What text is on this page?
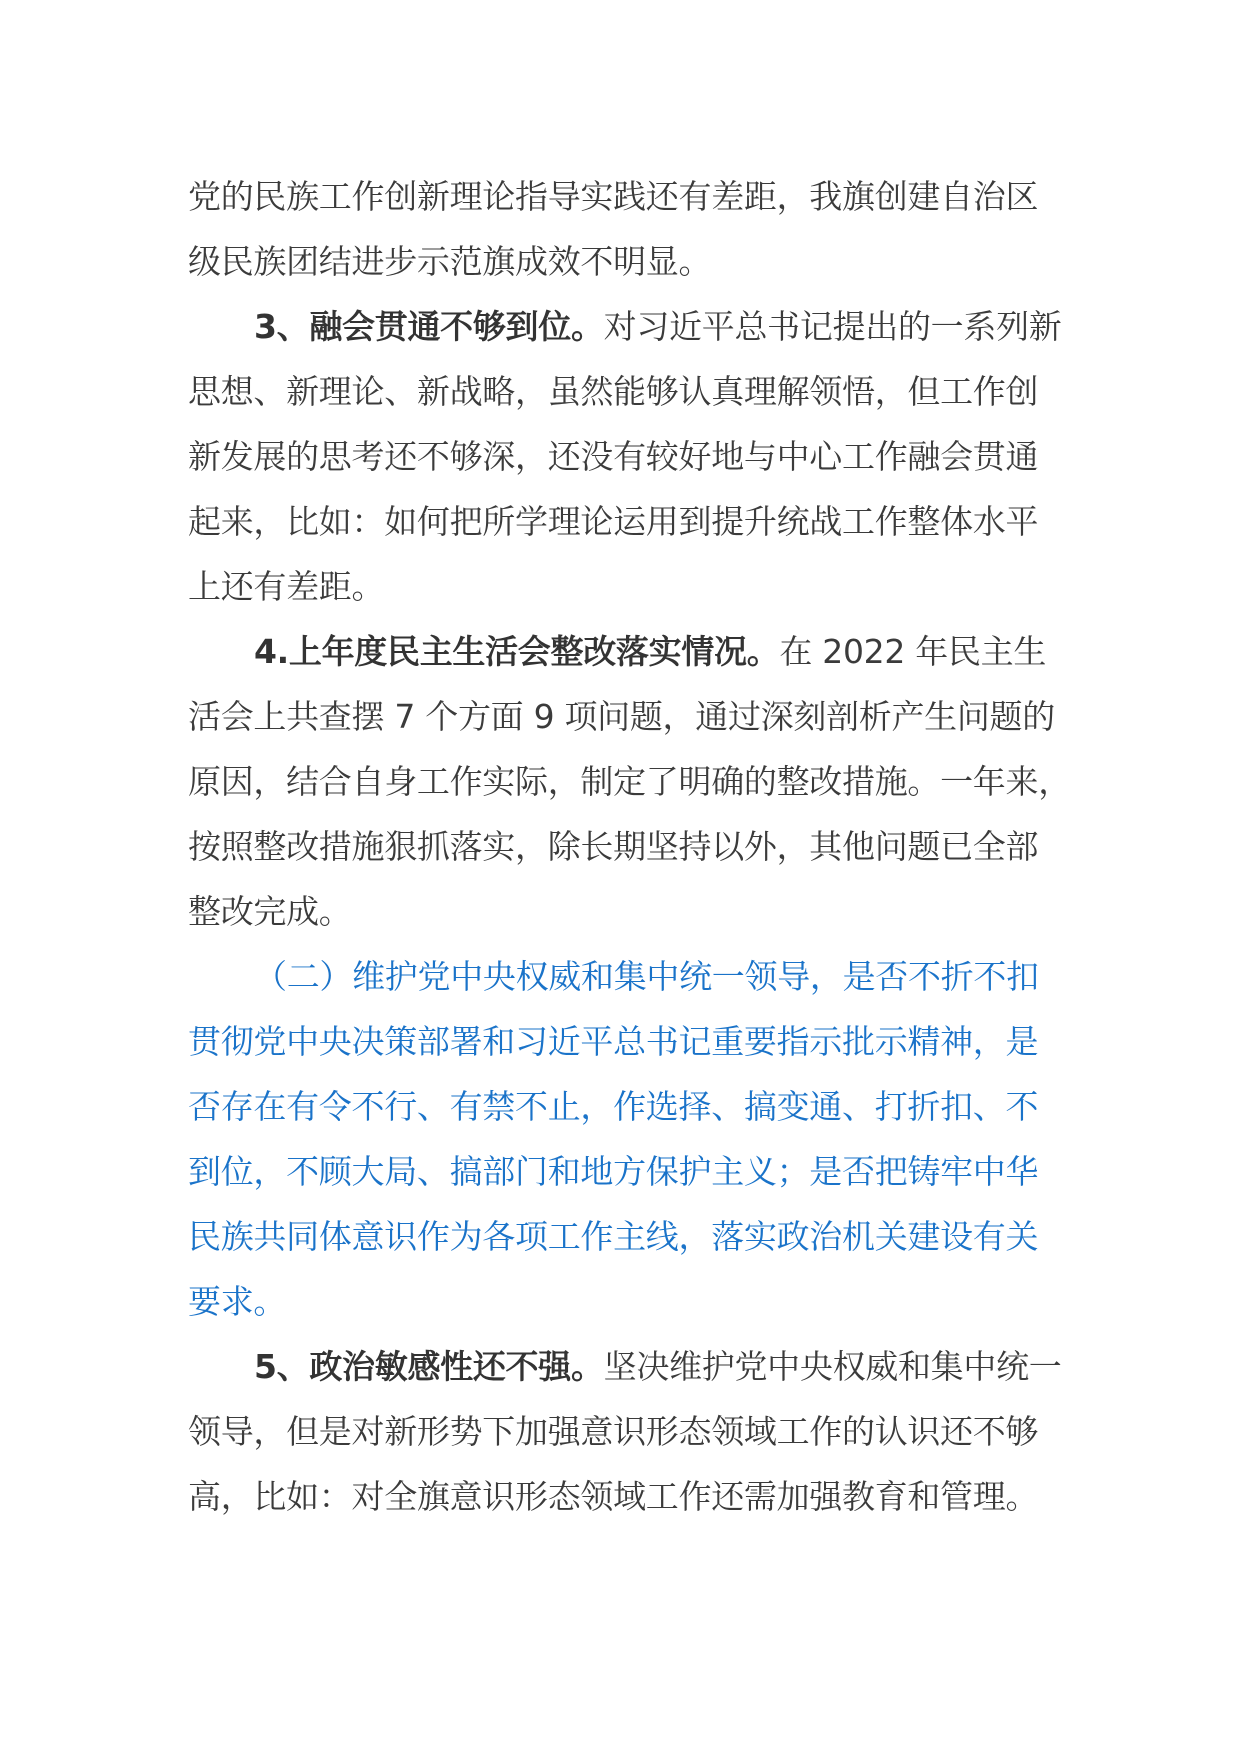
党的民族工作创新理论指导实践还有差距，我旗创建自治区
级民族团结进步示范旗成效不明显。
3、融会贯通不够到位。对习近平总书记提出的一系列新
思想、新理论、新战略，虽然能够认真理解领悟，但工作创
新发展的思考还不够深，还没有较好地与中心工作融会贯通
起来，比如：如何把所学理论运用到提升统战工作整体水平
上还有差距。
4.上年度民主生活会整改落实情况。在 2022 年民主生
活会上共查摆 7 个方面 9 项问题，通过深刻剖析产生问题的
原因，结合自身工作实际，制定了明确的整改措施。一年来，
按照整改措施狠抓落实，除长期坚持以外，其他问题已全部
整改完成。
（二）维护党中央权威和集中统一领导，是否不折不扣
贯彻党中央决策部署和习近平总书记重要指示批示精神，是
否存在有令不行、有禁不止，作选择、搞变通、打折扣、不
到位，不顾大局、搞部门和地方保护主义；是否把铸牢中华
民族共同体意识作为各项工作主线，落实政治机关建设有关
要求。
5、政治敏感性还不强。坚决维护党中央权威和集中统一
领导，但是对新形势下加强意识形态领域工作的认识还不够
高，比如：对全旗意识形态领域工作还需加强教育和管理。
